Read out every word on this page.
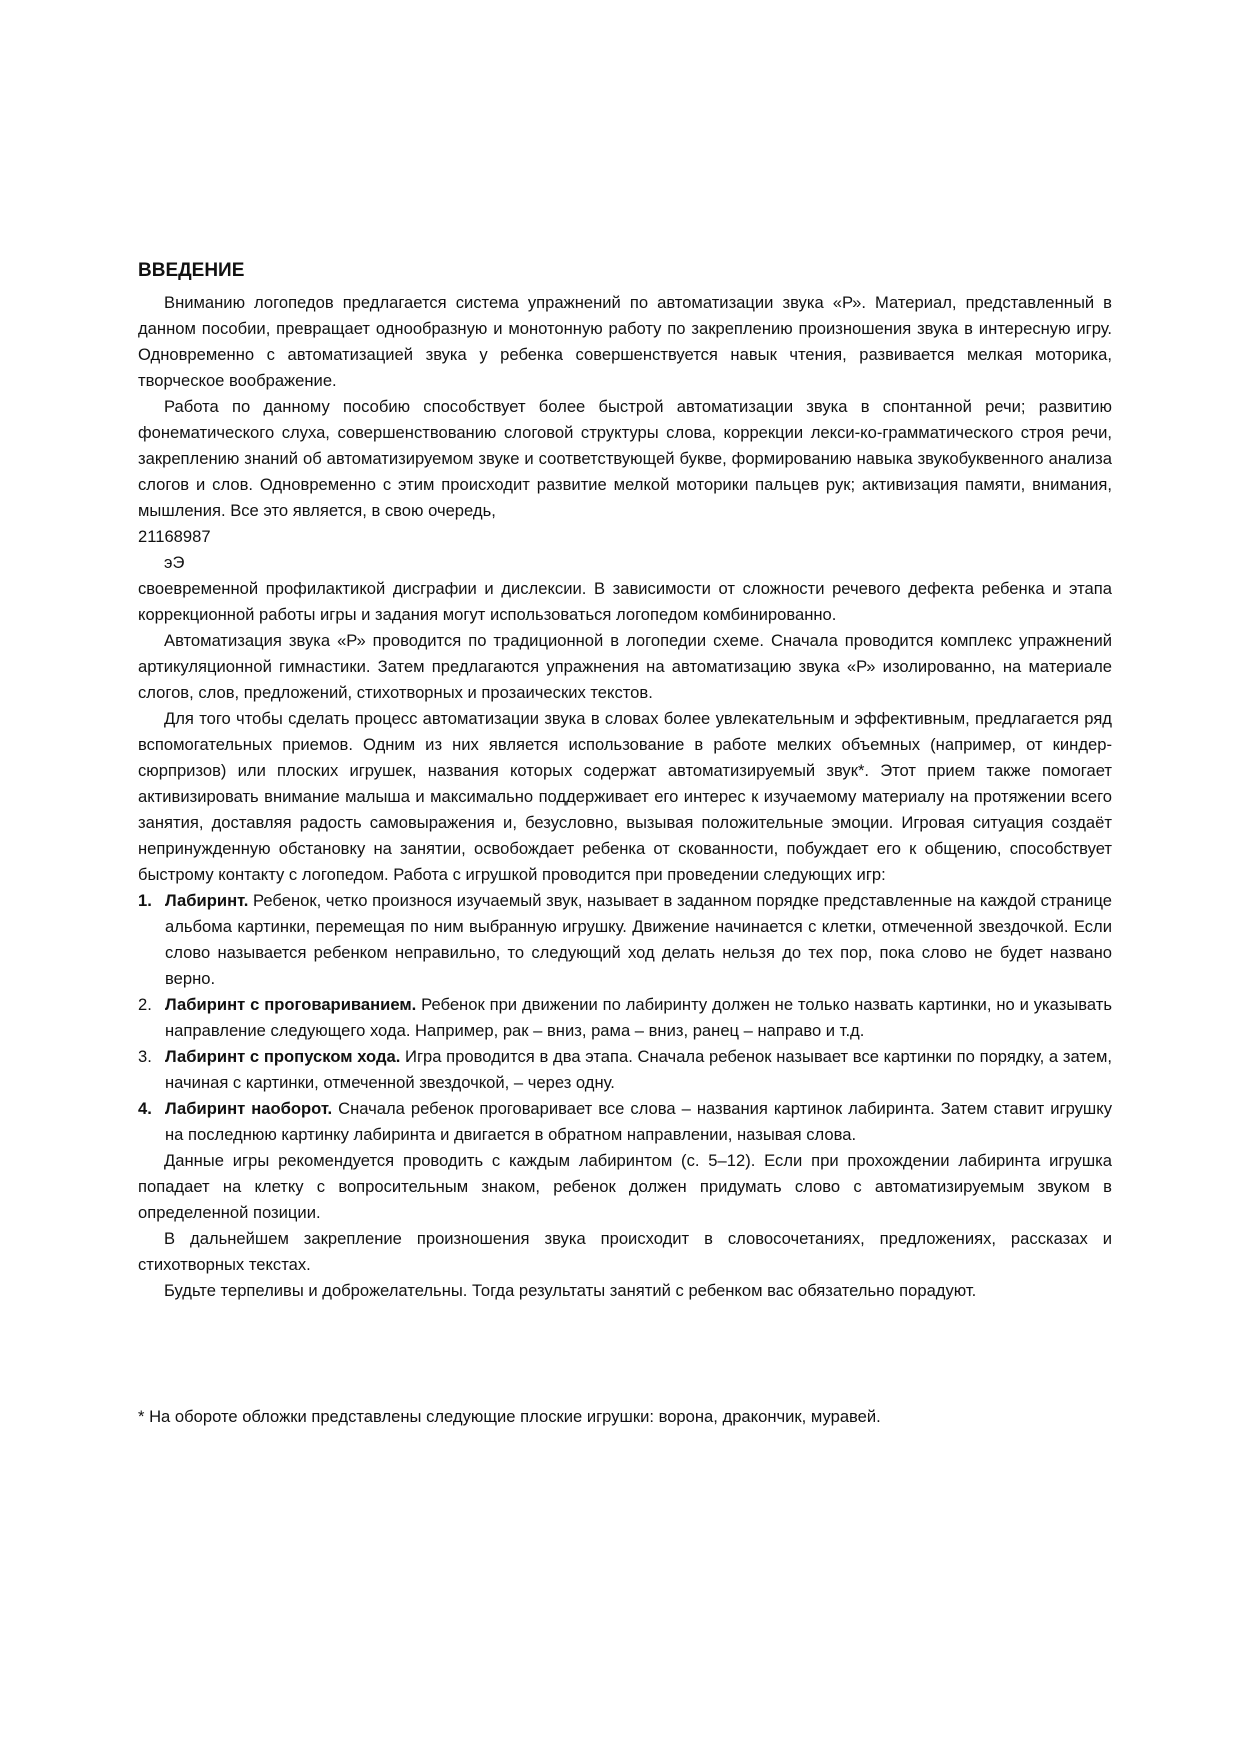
ВВЕДЕНИЕ

Вниманию логопедов предлагается система упражнений по автоматизации звука «Р». Материал, представленный в данном пособии, превращает однообразную и монотонную работу по закреплению произношения звука в интересную игру. Одновременно с автоматизацией звука у ребенка совершенствуется навык чтения, развивается мелкая моторика, творческое воображение.

Работа по данному пособию способствует более быстрой автоматизации звука в спонтанной речи; развитию фонематического слуха, совершенствованию слоговой структуры слова, коррекции лекси-ко-грамматического строя речи, закреплению знаний об автоматизируемом звуке и соответствующей букве, формированию навыка звукобуквенного анализа слогов и слов. Одновременно с этим происходит развитие мелкой моторики пальцев рук; активизация памяти, внимания, мышления. Все это является, в свою очередь,

21168987

эЭ

своевременной профилактикой дисграфии и дислексии. В зависимости от сложности речевого дефекта ребенка и этапа коррекционной работы игры и задания могут использоваться логопедом комбинированно.

Автоматизация звука «Р» проводится по традиционной в логопедии схеме. Сначала проводится комплекс упражнений артикуляционной гимнастики. Затем предлагаются упражнения на автоматизацию звука «Р» изолированно, на материале слогов, слов, предложений, стихотворных и прозаических текстов.

Для того чтобы сделать процесс автоматизации звука в словах более увлекательным и эффективным, предлагается ряд вспомогательных приемов. Одним из них является использование в работе мелких объемных (например, от киндер-сюрпризов) или плоских игрушек, названия которых содержат автоматизируемый звук*. Этот прием также помогает активизировать внимание малыша и максимально поддерживает его интерес к изучаемому материалу на протяжении всего занятия, доставляя радость самовыражения и, безусловно, вызывая положительные эмоции. Игровая ситуация создаёт непринужденную обстановку на занятии, освобождает ребенка от скованности, побуждает его к общению, способствует быстрому контакту с логопедом. Работа с игрушкой проводится при проведении следующих игр:

1. Лабиринт. Ребенок, четко произнося изучаемый звук, называет в заданном порядке представленные на каждой странице альбома картинки, перемещая по ним выбранную игрушку. Движение начинается с клетки, отмеченной звездочкой. Если слово называется ребенком неправильно, то следующий ход делать нельзя до тех пор, пока слово не будет названо верно.
2. Лабиринт с проговариванием. Ребенок при движении по лабиринту должен не только назвать картинки, но и указывать направление следующего хода. Например, рак – вниз, рама – вниз, ранец – направо и т.д.
3. Лабиринт с пропуском хода. Игра проводится в два этапа. Сначала ребенок называет все картинки по порядку, а затем, начиная с картинки, отмеченной звездочкой, – через одну.
4. Лабиринт наоборот. Сначала ребенок проговаривает все слова – названия картинок лабиринта. Затем ставит игрушку на последнюю картинку лабиринта и двигается в обратном направлении, называя слова.

Данные игры рекомендуется проводить с каждым лабиринтом (с. 5–12). Если при прохождении лабиринта игрушка попадает на клетку с вопросительным знаком, ребенок должен придумать слово с автоматизируемым звуком в определенной позиции.

В дальнейшем закрепление произношения звука происходит в словосочетаниях, предложениях, рассказах и стихотворных текстах.

Будьте терпеливы и доброжелательны. Тогда результаты занятий с ребенком вас обязательно порадуют.

* На обороте обложки представлены следующие плоские игрушки: ворона, дракончик, муравей.
